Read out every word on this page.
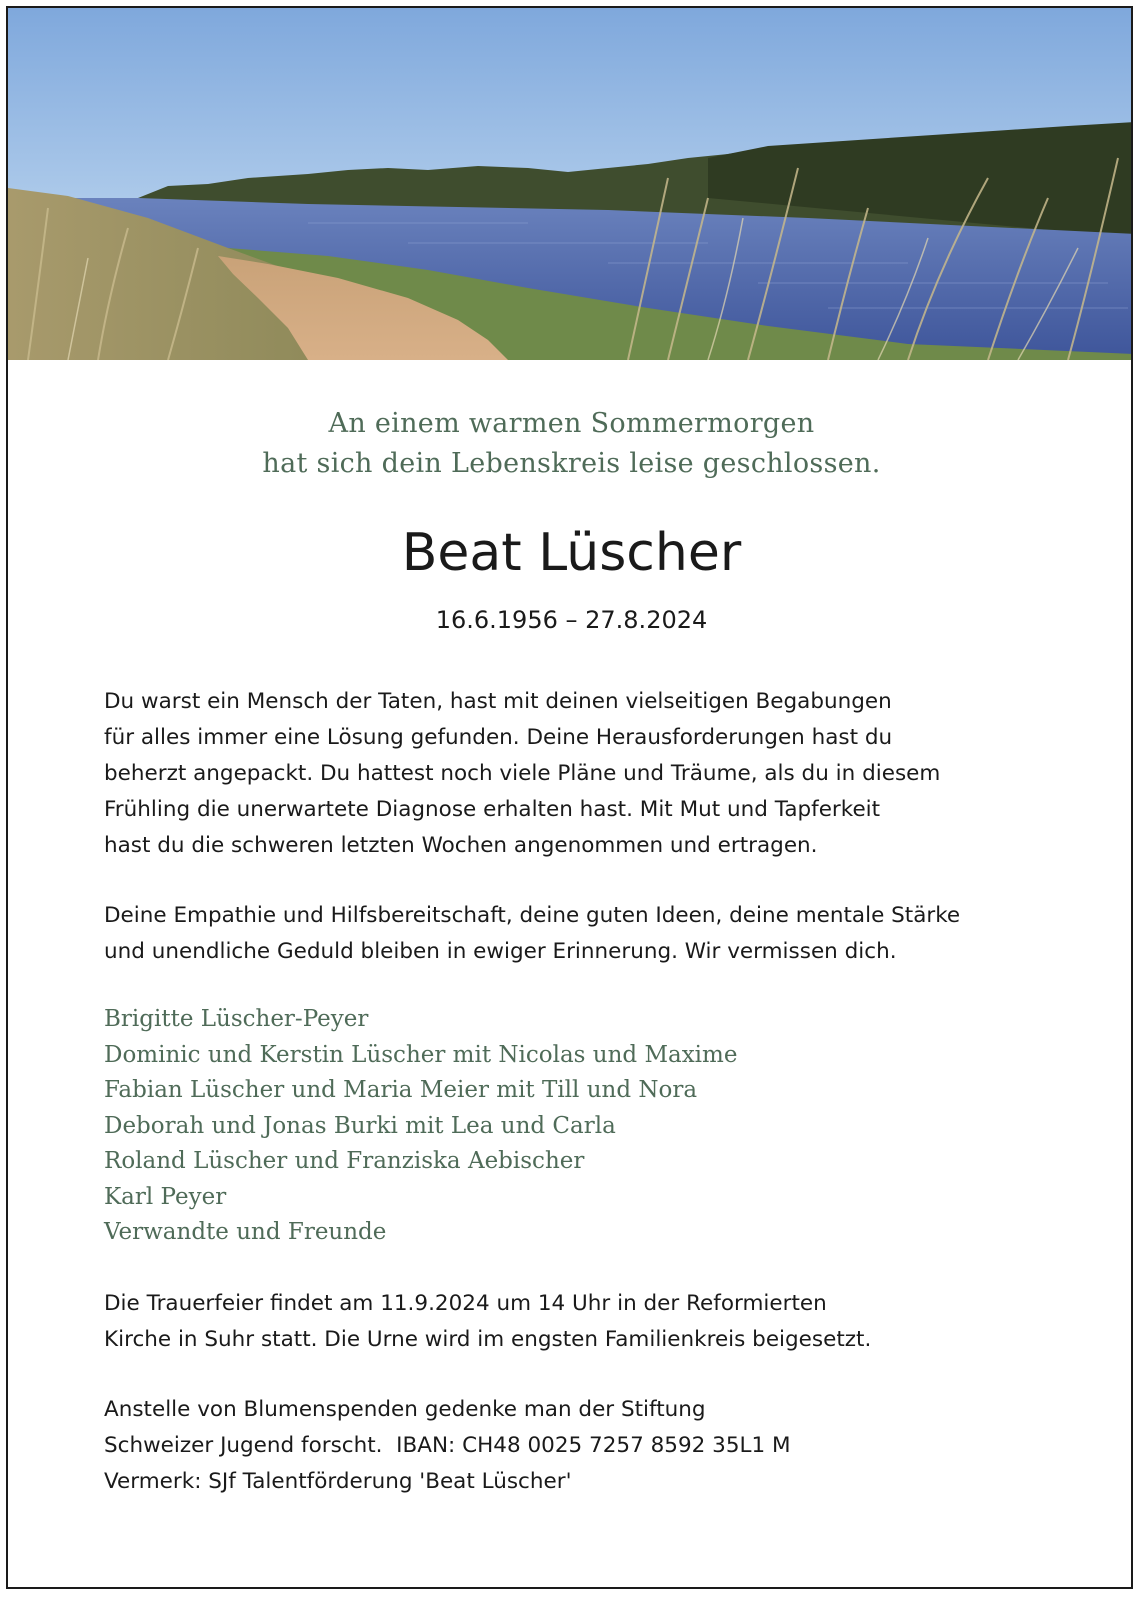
An einem warmen Sommermorgen
hat sich dein Lebenskreis leise geschlossen.
Beat Lüscher
16.6.1956 – 27.8.2024
Du warst ein Mensch der Taten, hast mit deinen vielseitigen Begabungen
für alles immer eine Lösung gefunden. Deine Herausforderungen hast du
beherzt angepackt. Du hattest noch viele Pläne und Träume, als du in diesem
Frühling die unerwartete Diagnose erhalten hast. Mit Mut und Tapferkeit
hast du die schweren letzten Wochen angenommen und ertragen.
Deine Empathie und Hilfsbereitschaft, deine guten Ideen, deine mentale Stärke
und unendliche Geduld bleiben in ewiger Erinnerung. Wir vermissen dich.
Brigitte Lüscher-Peyer
Dominic und Kerstin Lüscher mit Nicolas und Maxime
Fabian Lüscher und Maria Meier mit Till und Nora
Deborah und Jonas Burki mit Lea und Carla
Roland Lüscher und Franziska Aebischer
Karl Peyer
Verwandte und Freunde
Die Trauerfeier findet am 11.9.2024 um 14 Uhr in der Reformierten
Kirche in Suhr statt. Die Urne wird im engsten Familienkreis beigesetzt.
Anstelle von Blumenspenden gedenke man der Stiftung
Schweizer Jugend forscht.  IBAN: CH48 0025 7257 8592 35L1 M
Vermerk: SJf Talentförderung 'Beat Lüscher'
